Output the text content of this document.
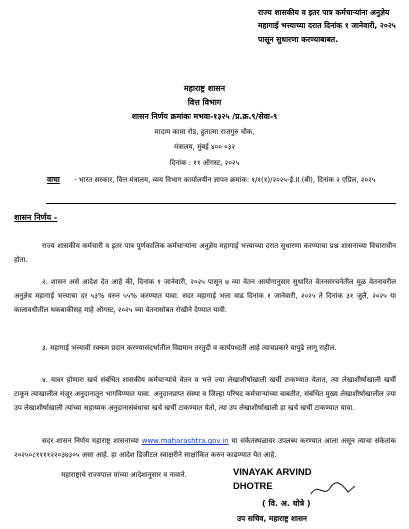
राज्य शासकीय व इतर पात्र कर्मचाऱ्यांना अनुज्ञेय महागाई भत्त्याच्या दरात दिनांक १ जानेवारी, २०२५ पासून सुधारणा करण्याबाबत.
महाराष्ट्र शासन
वित्त विभाग
शासन निर्णय क्रमांकः मभवा-१३२५ /प्र.क्र.९/सेवा-९
मादाम कामा रोड, हुतात्मा राजगुरु चौक,
मंत्रालय, मुंबई ४०० ०३२
दिनांक : ११ ऑगस्ट, २०२५
वाचा - भारत सरकार, वित्त मंत्रालय, व्यय विभाग कार्यालयीन ज्ञापन क्रमांक: १/१(१)/२०२५-ई.II (बी), दिनांक २ एप्रिल, २०२५
शासन निर्णय -
राज्य शासकीय कर्मचारी व इतर पात्र पूर्णकालिक कर्मचाऱ्यांना अनुज्ञेय महागाई भत्त्याच्या दरात सुधारणा करण्याचा प्रश्न शासनाच्या विचाराधीन होता.
२. शासन असे आदेश देत आहे की, दिनांक १ जानेवारी, २०२५ पासून ७ व्या वेतन आयोगानुसार सुधारित वेतनसंरचनेतील मूळ वेतनावरील अनुज्ञेय महागाई भत्त्याचा दर ५३% वरुन ५५% करण्यात यावा. सदर महागाई भत्ता वाढ दिनांक १ जानेवारी, २०२५ ते दिनांक ३१ जुलै, २०२५ या कालावधीतील थकबाकीसह माहे ऑगस्ट, २०२५ च्या वेतनासोबत रोखीने देण्यात यावी.
३. महागाई भत्त्यावी रक्कम प्रदान करण्यासंदर्भातील विद्यमान तरतुदी व कार्यपध्दती आहे त्याचप्रकारे यापुढे लागू राहील.
४. यावर होणारा खर्च संबंधित शासकीय कर्मचाऱ्यांचे वेतन व भत्ते ज्या लेखाशीर्षाखाली खर्ची टाकण्यात येतात, त्या लेखाशीर्षाखाली खर्ची टाकून त्याखालील मंजूर अनुदानातून भागविण्यात यावा. अनुदानप्राप्त संस्था व जिल्हा परिषद कर्मचाऱ्यांच्या बाबतीत, संबंधित मुख्य लेखाशीर्षाखालील ज्या उप लेखाशीर्षाखाली त्यांच्या सहाय्यक अनुदानासंबंधाचा खर्च खर्ची टाकण्यात येतो, त्या उप लेखाशीर्षाखाली हा खर्च खर्ची टाकण्यात यावा.
सदर शासन निर्णय महाराष्ट्र शासनाच्या www.maharashtra.gov.in या संकेतस्थळावर उपलब्ध करण्यात आला असून त्याचा संकेतांक २०२५०८११११२२०३७३०५ असा आहे. हा आदेश डिजीटल स्वाक्षरीने साक्षांकित करुन काढण्यात येत आहे.
महाराष्ट्राचे राज्यपाल यांच्या आदेशानुसार व नावाने.	VINAYAK ARVIND
DHOTRE
( वि. अ. धोत्रे )
उप सचिव, महाराष्ट्र शासन
